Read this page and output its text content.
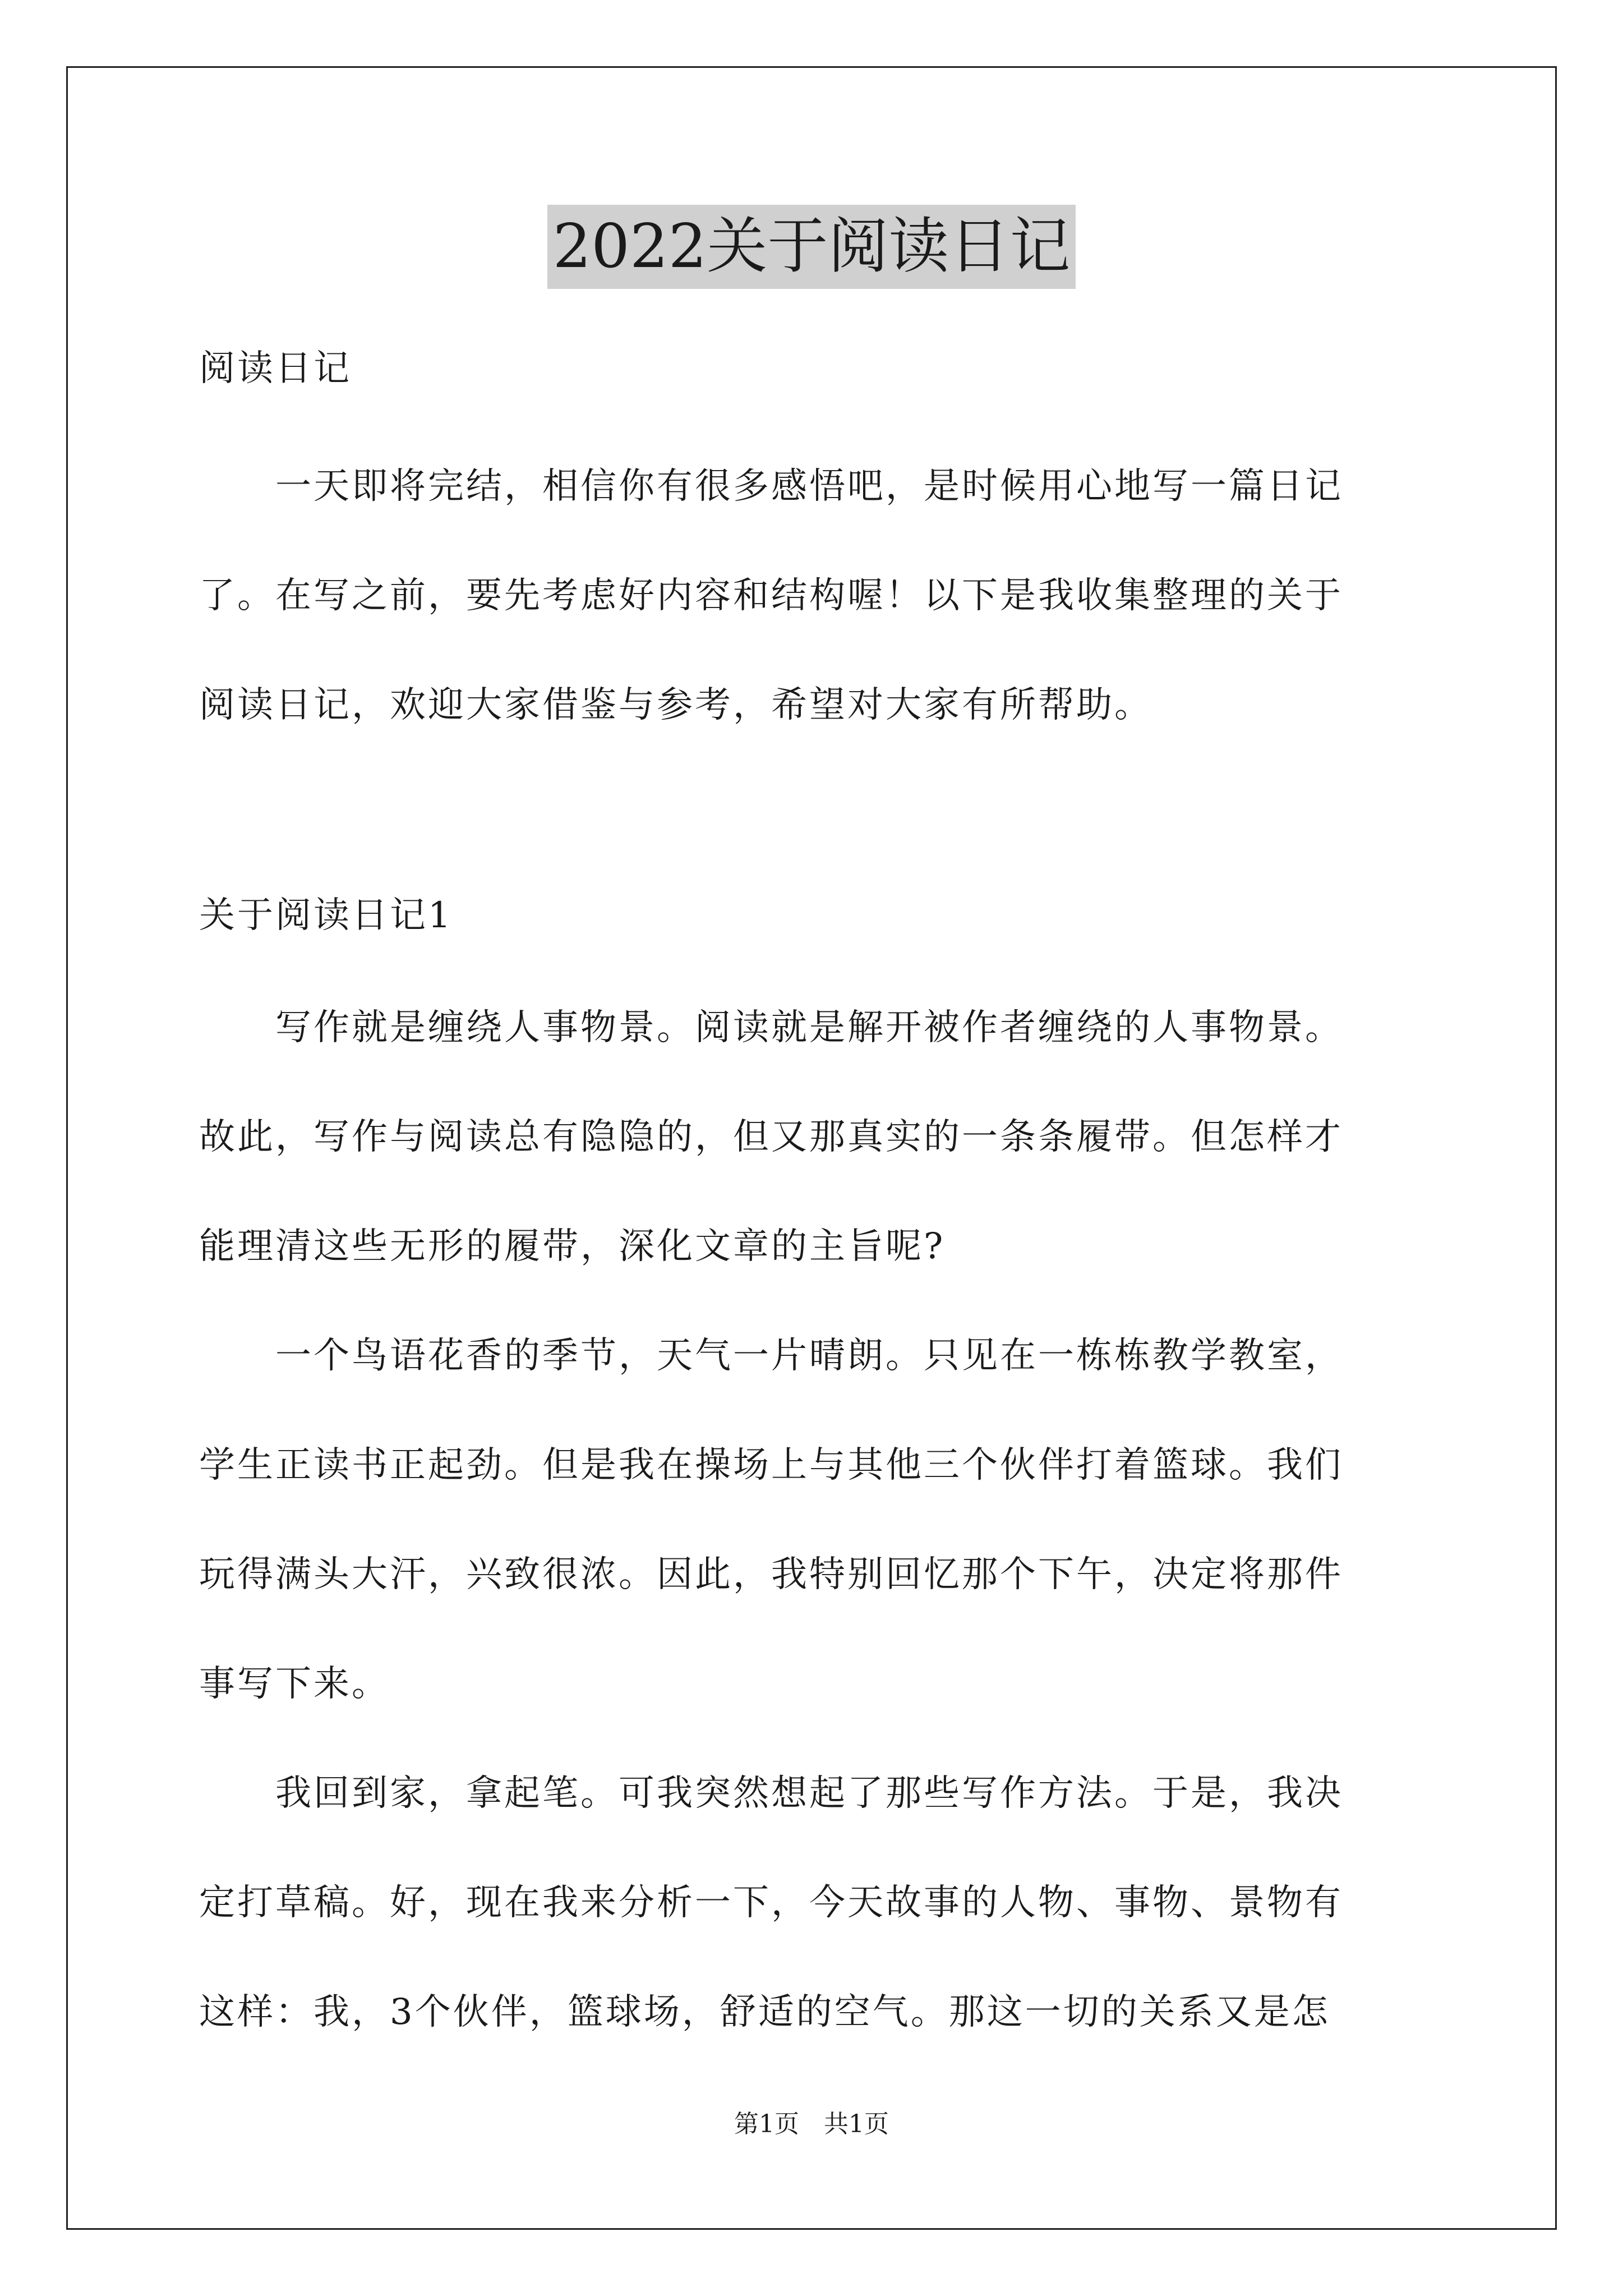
2022关于阅读日记
阅读日记
　　一天即将完结，相信你有很多感悟吧，是时候用心地写一篇日记
了。在写之前，要先考虑好内容和结构喔！以下是我收集整理的关于
阅读日记，欢迎大家借鉴与参考，希望对大家有所帮助。
关于阅读日记1
　　写作就是缠绕人事物景。阅读就是解开被作者缠绕的人事物景。
故此，写作与阅读总有隐隐的，但又那真实的一条条履带。但怎样才
能理清这些无形的履带，深化文章的主旨呢?
　　一个鸟语花香的季节，天气一片晴朗。只见在一栋栋教学教室，
学生正读书正起劲。但是我在操场上与其他三个伙伴打着篮球。我们
玩得满头大汗，兴致很浓。因此，我特别回忆那个下午，决定将那件
事写下来。
　　我回到家，拿起笔。可我突然想起了那些写作方法。于是，我决
定打草稿。好，现在我来分析一下，今天故事的人物、事物、景物有
这样：我，3个伙伴，篮球场，舒适的空气。那这一切的关系又是怎
第1页　共1页
